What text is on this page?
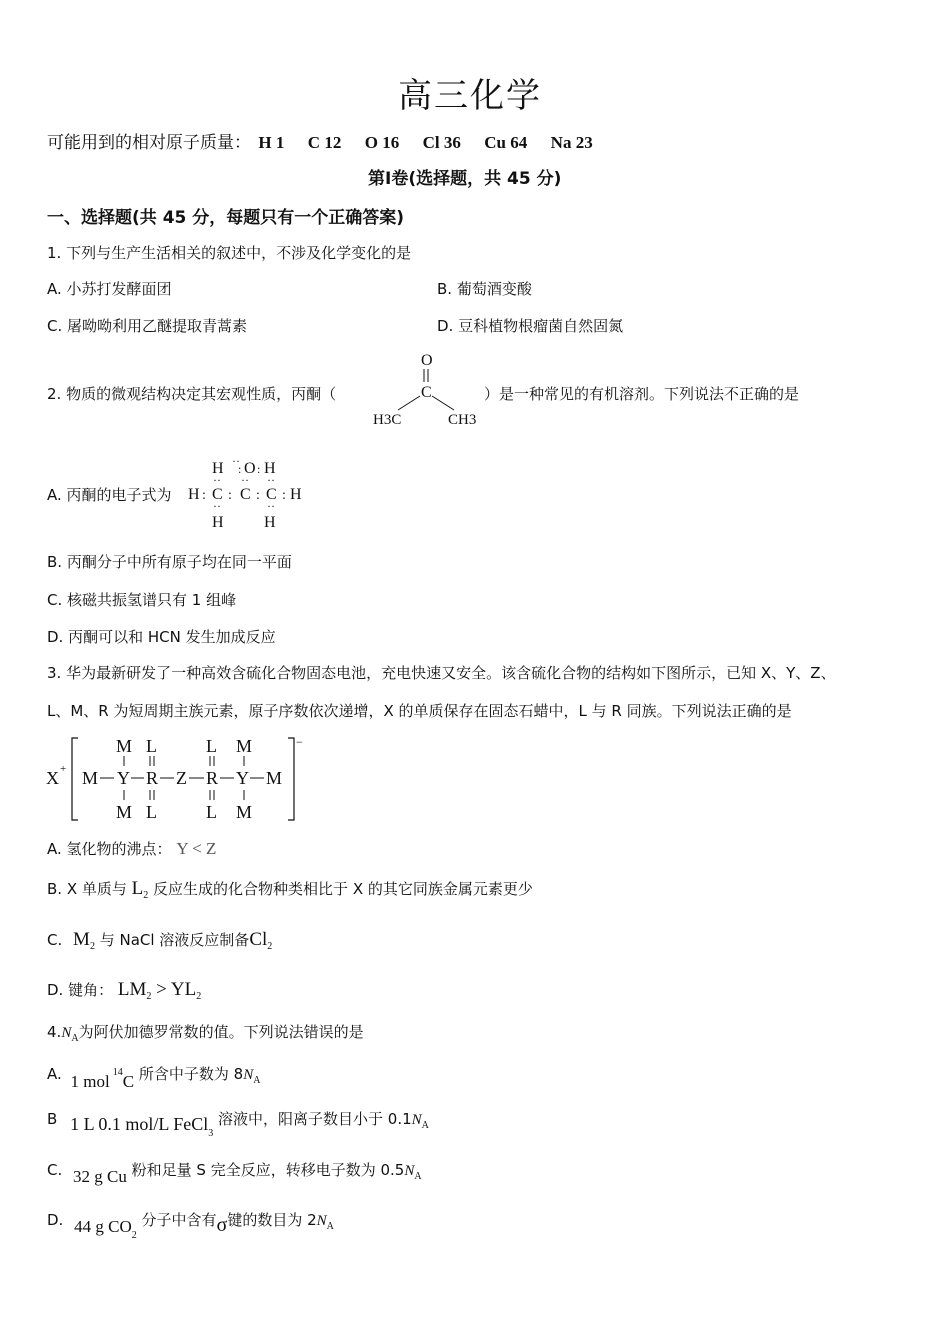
高三化学
可能用到的相对原子质量： H 1 C 12 O 16 Cl 36 Cu 64 Na 23
第Ⅰ卷(选择题，共 45 分)
一、选择题(共 45 分，每题只有一个正确答案)
1. 下列与生产生活相关的叙述中，不涉及化学变化的是
A. 小苏打发酵面团	B. 葡萄酒变酸
C. 屠呦呦利用乙醚提取青蒿素	D. 豆科植物根瘤菌自然固氮
2. 物质的微观结构决定其宏观性质，丙酮（
O
C
H3C	CH3
）是一种常见的有机溶剂。下列说法不正确的是
A. 丙酮的电子式为
H ··
: O : H
H : C : C : C : H
·· ·· ··
··	··
H	H
B. 丙酮分子中所有原子均在同一平面
C. 核磁共振氢谱只有 1 组峰
D. 丙酮可以和 HCN 发生加成反应
3. 华为最新研发了一种高效含硫化合物固态电池，充电快速又安全。该含硫化合物的结构如下图所示，已知 X、Y、Z、
L、M、R 为短周期主族元素，原子序数依次递增，X 的单质保存在固态石蜡中，L 与 R 同族。下列说法正确的是
X +
−
M L	L M
M Y R Z R Y M
M L	L M
A. 氢化物的沸点： Y < Z
B. X 单质与 $L_2$ 反应生成的化合物种类相比于 X 的其它同族金属元素更少
C. $M_2$ 与 NaCl 溶液反应制备$Cl_2$
D. 键角： $LM_2 > YL_2$
$4.N_A$为阿伏加德罗常数的值。下列说法错误的是
A. 1 mol $^{14}$C 所含中子数为 $8N_A$
B 1 L 0.1 mol/L FeCl$_3$ 溶液中，阳离子数目小于 $0.1N_A$
C. 32 g Cu 粉和足量 S 完全反应，转移电子数为 $0.5N_A$
D. 44 g $CO_2$ 分子中含有σ键的数目为 $2N_A$
